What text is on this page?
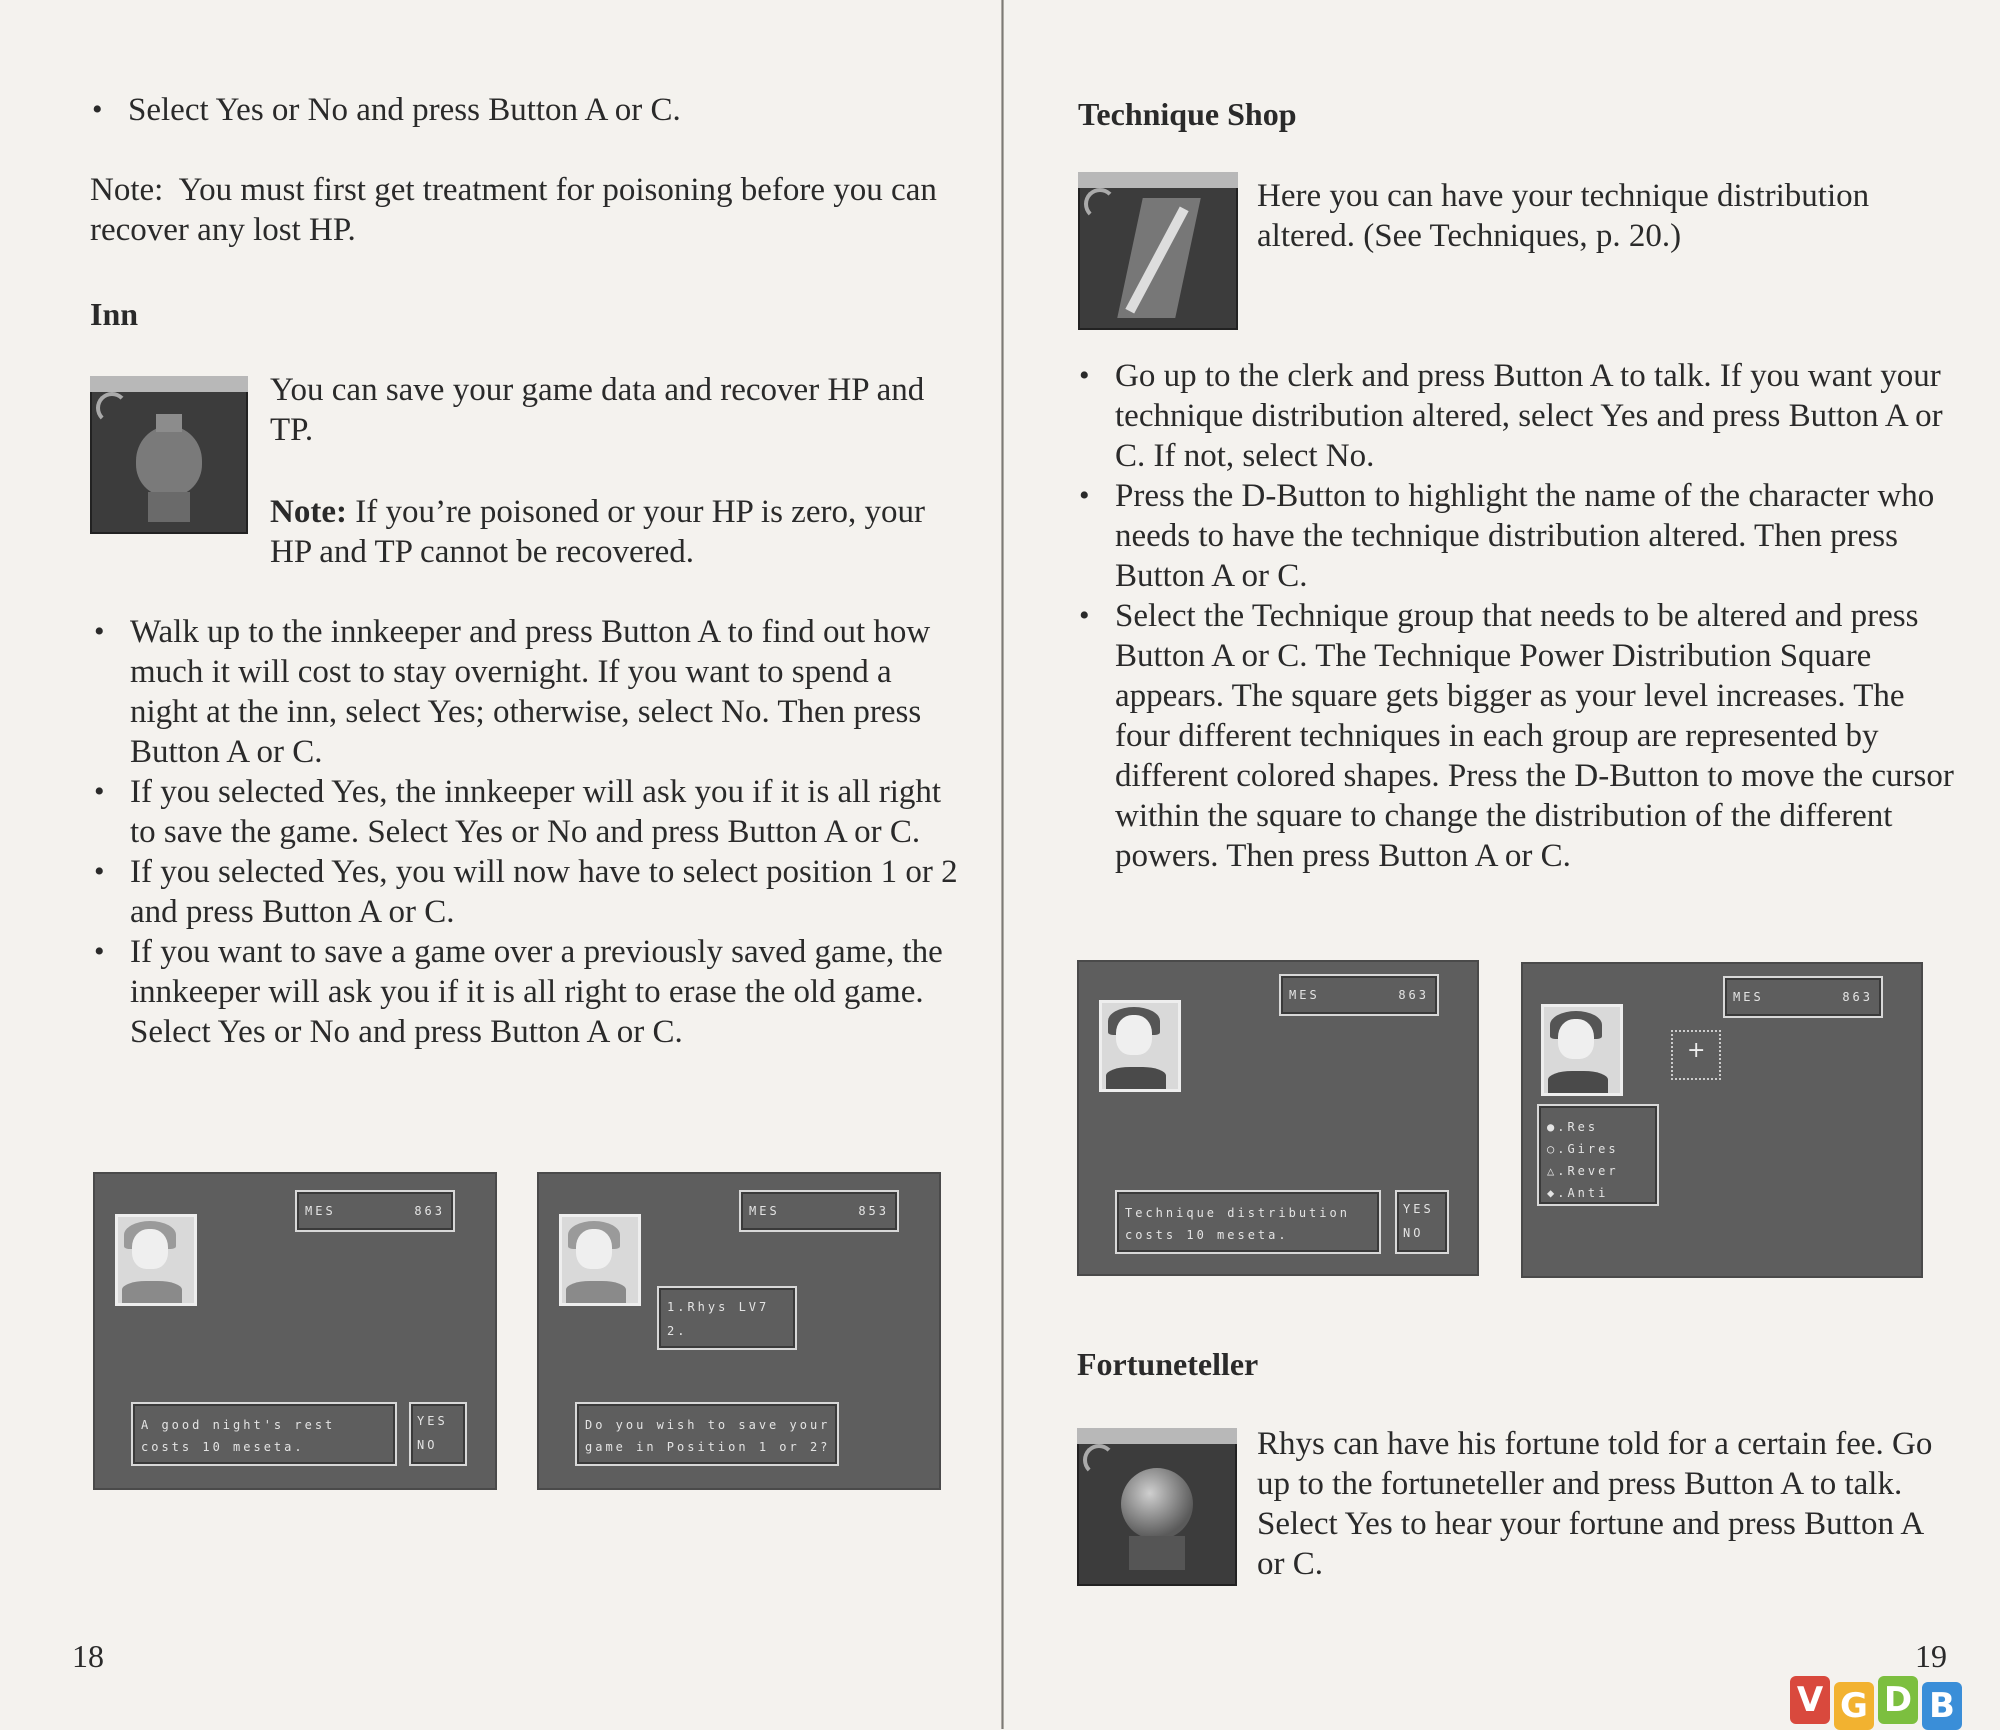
• Select Yes or No and press Button A or C.

Note:  You must first get treatment for poisoning before you can recover any lost HP.

Inn

You can save your game data and recover HP and TP.

Note: If you’re poisoned or your HP is zero, your HP and TP cannot be recovered.

• Walk up to the innkeeper and press Button A to find out how much it will cost to stay overnight. If you want to spend a night at the inn, select Yes; otherwise, select No. Then press Button A or C.
• If you selected Yes, the innkeeper will ask you if it is all right to save the game. Select Yes or No and press Button A or C.
• If you selected Yes, you will now have to select position 1 or 2 and press Button A or C.
• If you want to save a game over a previously saved game, the innkeeper will ask you if it is all right to erase the old game. Select Yes or No and press Button A or C.
MES	863
A good night's rest costs 10 meseta.
YES
NO
MES	853
1.Rhys LV7
2.
Do you wish to save your game in Position 1 or 2?
18
Technique Shop

Here you can have your technique distribution altered. (See Techniques, p. 20.)

• Go up to the clerk and press Button A to talk. If you want your technique distribution altered, select Yes and press Button A or C. If not, select No.
• Press the D-Button to highlight the name of the character who needs to have the technique distribution altered. Then press Button A or C.
• Select the Technique group that needs to be altered and press Button A or C. The Technique Power Distribution Square appears. The square gets bigger as your level increases. The four different techniques in each group are represented by different colored shapes. Press the D-Button to move the cursor within the square to change the distribution of the different powers. Then press Button A or C.
MES	863
Technique distribution costs 10 meseta.
YES
NO
MES	863
+
●.Res
○.Gires
△.Rever
◆.Anti
Fortuneteller

Rhys can have his fortune told for a certain fee. Go up to the fortuneteller and press Button A to talk. Select Yes to hear your fortune and press Button A or C.

19
V G D B
